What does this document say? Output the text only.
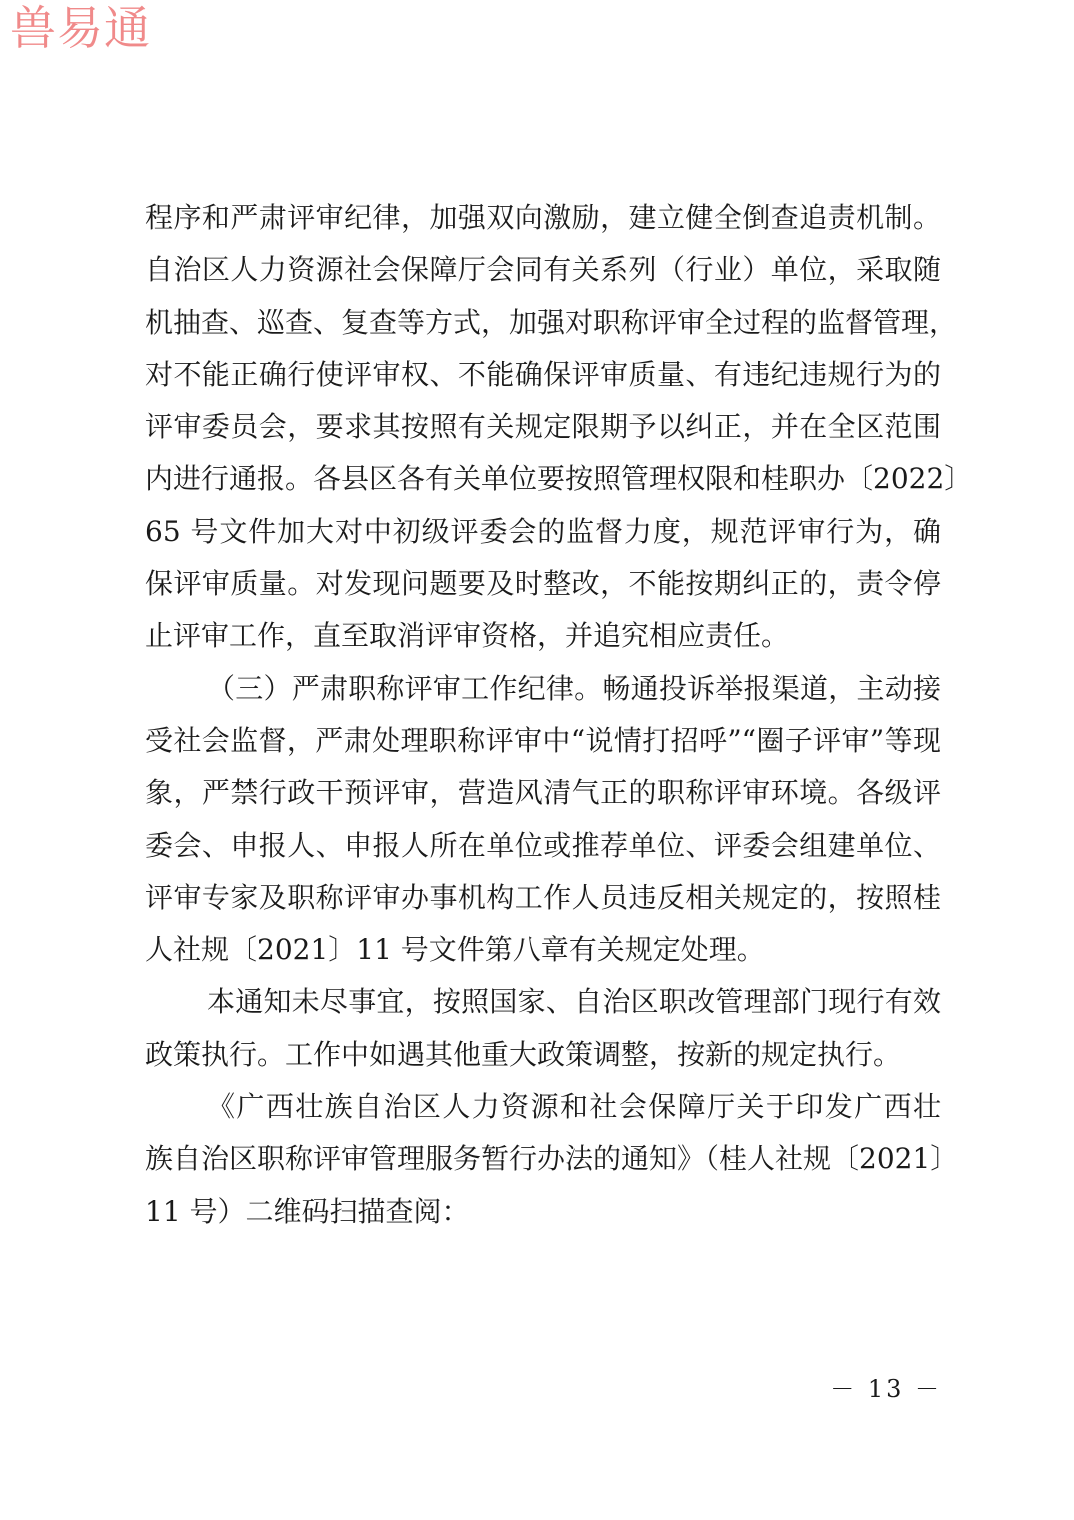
兽易通
程序和严肃评审纪律，加强双向激励，建立健全倒查追责机制。
自治区人力资源社会保障厅会同有关系列（行业）单位，采取随
机抽查、巡查、复查等方式，加强对职称评审全过程的监督管理，
对不能正确行使评审权、不能确保评审质量、有违纪违规行为的
评审委员会，要求其按照有关规定限期予以纠正，并在全区范围
内进行通报。各县区各有关单位要按照管理权限和桂职办〔2022〕
65 号文件加大对中初级评委会的监督力度，规范评审行为，确
保评审质量。对发现问题要及时整改，不能按期纠正的，责令停
止评审工作，直至取消评审资格，并追究相应责任。
（三）严肃职称评审工作纪律。畅通投诉举报渠道，主动接
受社会监督，严肃处理职称评审中“说情打招呼”“圈子评审”等现
象，严禁行政干预评审，营造风清气正的职称评审环境。各级评
委会、申报人、申报人所在单位或推荐单位、评委会组建单位、
评审专家及职称评审办事机构工作人员违反相关规定的，按照桂
人社规〔2021〕11 号文件第八章有关规定处理。
本通知未尽事宜，按照国家、自治区职改管理部门现行有效
政策执行。工作中如遇其他重大政策调整，按新的规定执行。
《广西壮族自治区人力资源和社会保障厅关于印发广西壮
族自治区职称评审管理服务暂行办法的通知》（桂人社规〔2021〕
11 号）二维码扫描查阅：
－ 13 －
